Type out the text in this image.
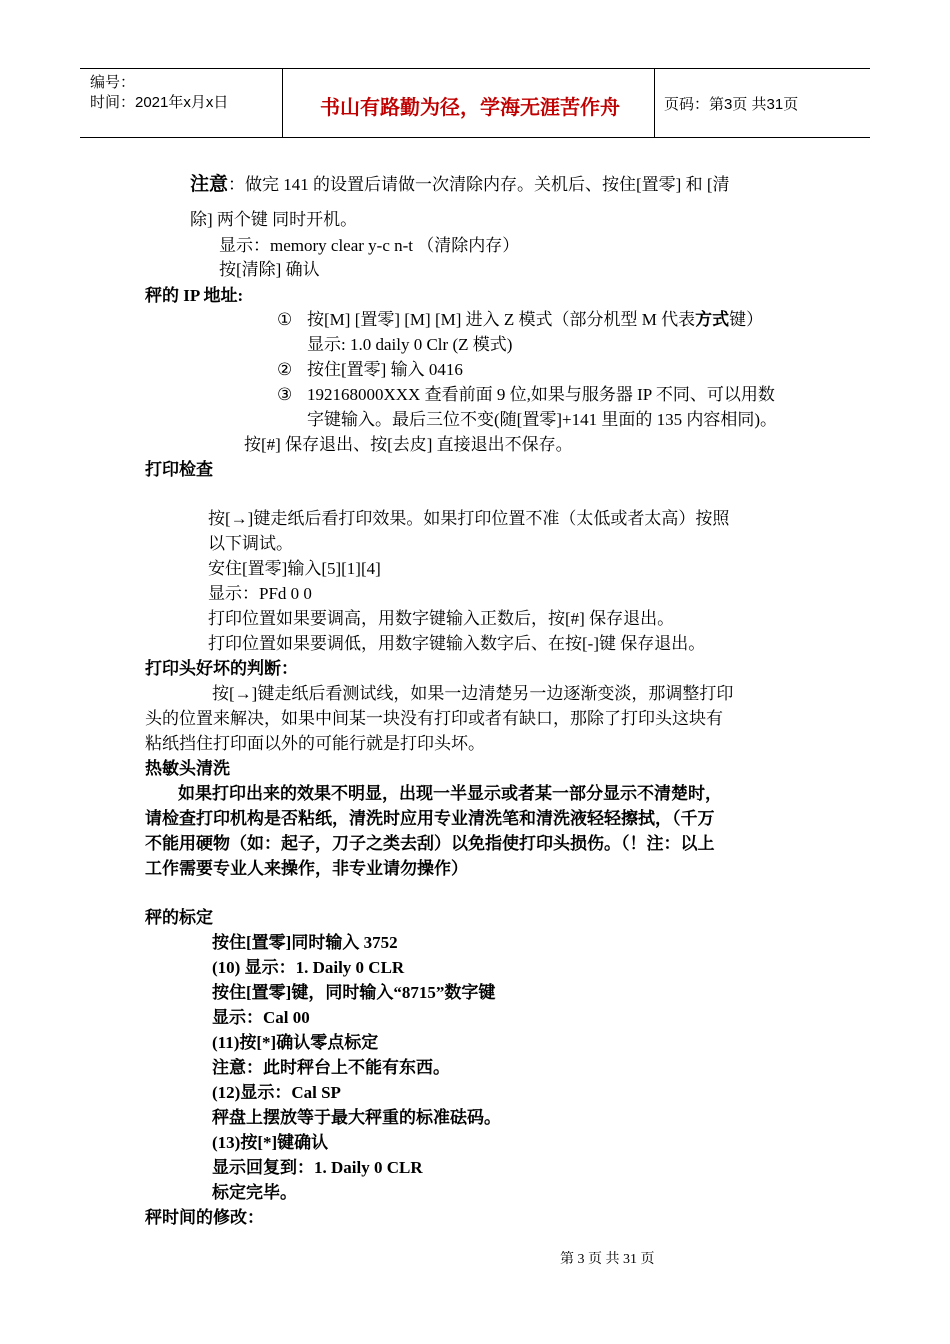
编号：
时间：2021年x月x日	书山有路勤为径，学海无涯苦作舟	页码：第3页 共31页
注意：做完 141 的设置后请做一次清除内存。关机后、按住[置零] 和 [清
除] 两个键 同时开机。
显示：memory clear y-c n-t （清除内存）
按[清除] 确认
秤的 IP 地址:
① 按[M] [置零] [M] [M] 进入 Z 模式（部分机型 M 代表方式键）
显示: 1.0 daily 0 Clr (Z 模式)
② 按住[置零] 输入 0416
③ 192168000XXX 查看前面 9 位,如果与服务器 IP 不同、可以用数
字键输入。最后三位不变(随[置零]+141 里面的 135 内容相同)。
按[#] 保存退出、按[去皮] 直接退出不保存。
打印检查
按[→]键走纸后看打印效果。如果打印位置不准（太低或者太高）按照
以下调试。
安住[置零]输入[5][1][4]
显示：PFd 0 0
打印位置如果要调高，用数字键输入正数后，按[#] 保存退出。
打印位置如果要调低，用数字键输入数字后、在按[-]键 保存退出。
打印头好坏的判断：
按[→]键走纸后看测试线，如果一边清楚另一边逐渐变淡，那调整打印
头的位置来解决，如果中间某一块没有打印或者有缺口，那除了打印头这块有
粘纸挡住打印面以外的可能行就是打印头坏。
热敏头清洗
如果打印出来的效果不明显，出现一半显示或者某一部分显示不清楚时，
请检查打印机构是否粘纸，清洗时应用专业清洗笔和清洗液轻轻擦拭，（千万
不能用硬物（如：起子，刀子之类去刮）以免指使打印头损伤。（！注：以上
工作需要专业人来操作，非专业请勿操作）
秤的标定
按住[置零]同时输入 3752
(10) 显示：1. Daily 0 CLR
按住[置零]键，同时输入“8715”数字键
显示：Cal 00
(11)按[*]确认零点标定
注意：此时秤台上不能有东西。
(12)显示：Cal SP
秤盘上摆放等于最大秤重的标准砝码。
(13)按[*]键确认
显示回复到：1. Daily 0 CLR
标定完毕。
秤时间的修改：
第 3 页 共 31 页
